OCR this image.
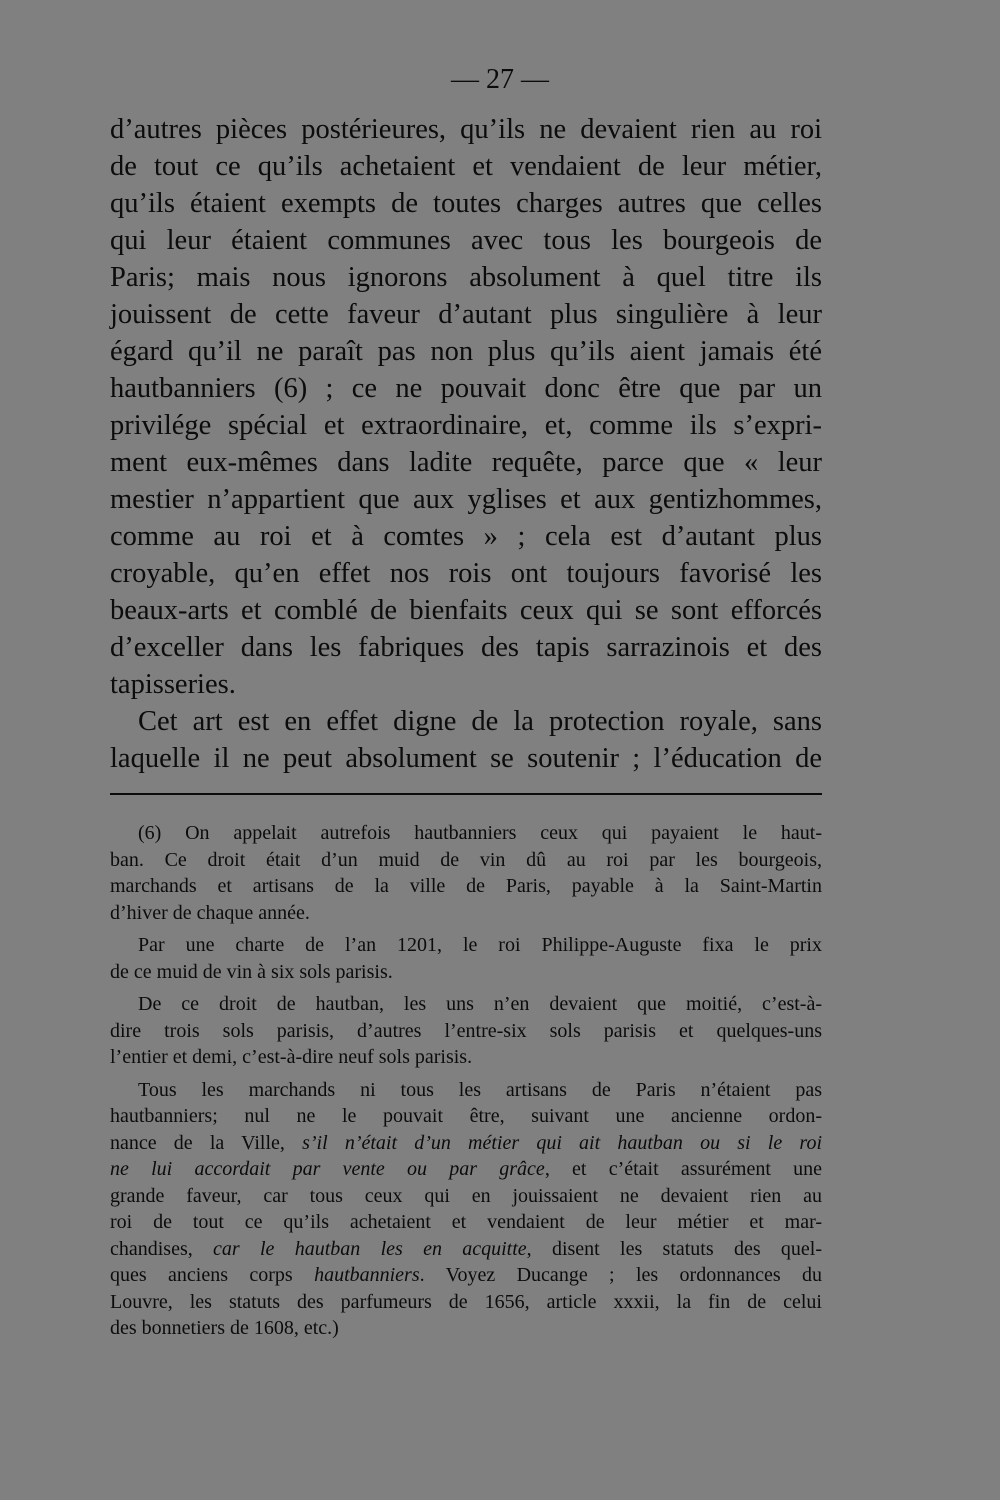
— 27 —
d’autres pièces postérieures, qu’ils ne devaient rien au roi
de tout ce qu’ils achetaient et vendaient de leur métier,
qu’ils étaient exempts de toutes charges autres que celles
qui leur étaient communes avec tous les bourgeois de
Paris; mais nous ignorons absolument à quel titre ils
jouissent de cette faveur d’autant plus singulière à leur
égard qu’il ne paraît pas non plus qu’ils aient jamais été
hautbanniers (6) ; ce ne pouvait donc être que par un
privilége spécial et extraordinaire, et, comme ils s’expri-
ment eux-mêmes dans ladite requête, parce que « leur
mestier n’appartient que aux yglises et aux gentizhommes,
comme au roi et à comtes » ; cela est d’autant plus
croyable, qu’en effet nos rois ont toujours favorisé les
beaux-arts et comblé de bienfaits ceux qui se sont efforcés
d’exceller dans les fabriques des tapis sarrazinois et des
tapisseries.
Cet art est en effet digne de la protection royale, sans
laquelle il ne peut absolument se soutenir ; l’éducation de
(6) On appelait autrefois hautbanniers ceux qui payaient le haut-
ban. Ce droit était d’un muid de vin dû au roi par les bourgeois,
marchands et artisans de la ville de Paris, payable à la Saint-Martin
d’hiver de chaque année.
Par une charte de l’an 1201, le roi Philippe-Auguste fixa le prix
de ce muid de vin à six sols parisis.
De ce droit de hautban, les uns n’en devaient que moitié, c’est-à-
dire trois sols parisis, d’autres l’entre-six sols parisis et quelques-uns
l’entier et demi, c’est-à-dire neuf sols parisis.
Tous les marchands ni tous les artisans de Paris n’étaient pas
hautbanniers; nul ne le pouvait être, suivant une ancienne ordon-
nance de la Ville, s’il n’était d’un métier qui ait hautban ou si le roi
ne lui accordait par vente ou par grâce, et c’était assurément une
grande faveur, car tous ceux qui en jouissaient ne devaient rien au
roi de tout ce qu’ils achetaient et vendaient de leur métier et mar-
chandises, car le hautban les en acquitte, disent les statuts des quel-
ques anciens corps hautbanniers. Voyez Ducange ; les ordonnances du
Louvre, les statuts des parfumeurs de 1656, article xxxii, la fin de celui
des bonnetiers de 1608, etc.)
